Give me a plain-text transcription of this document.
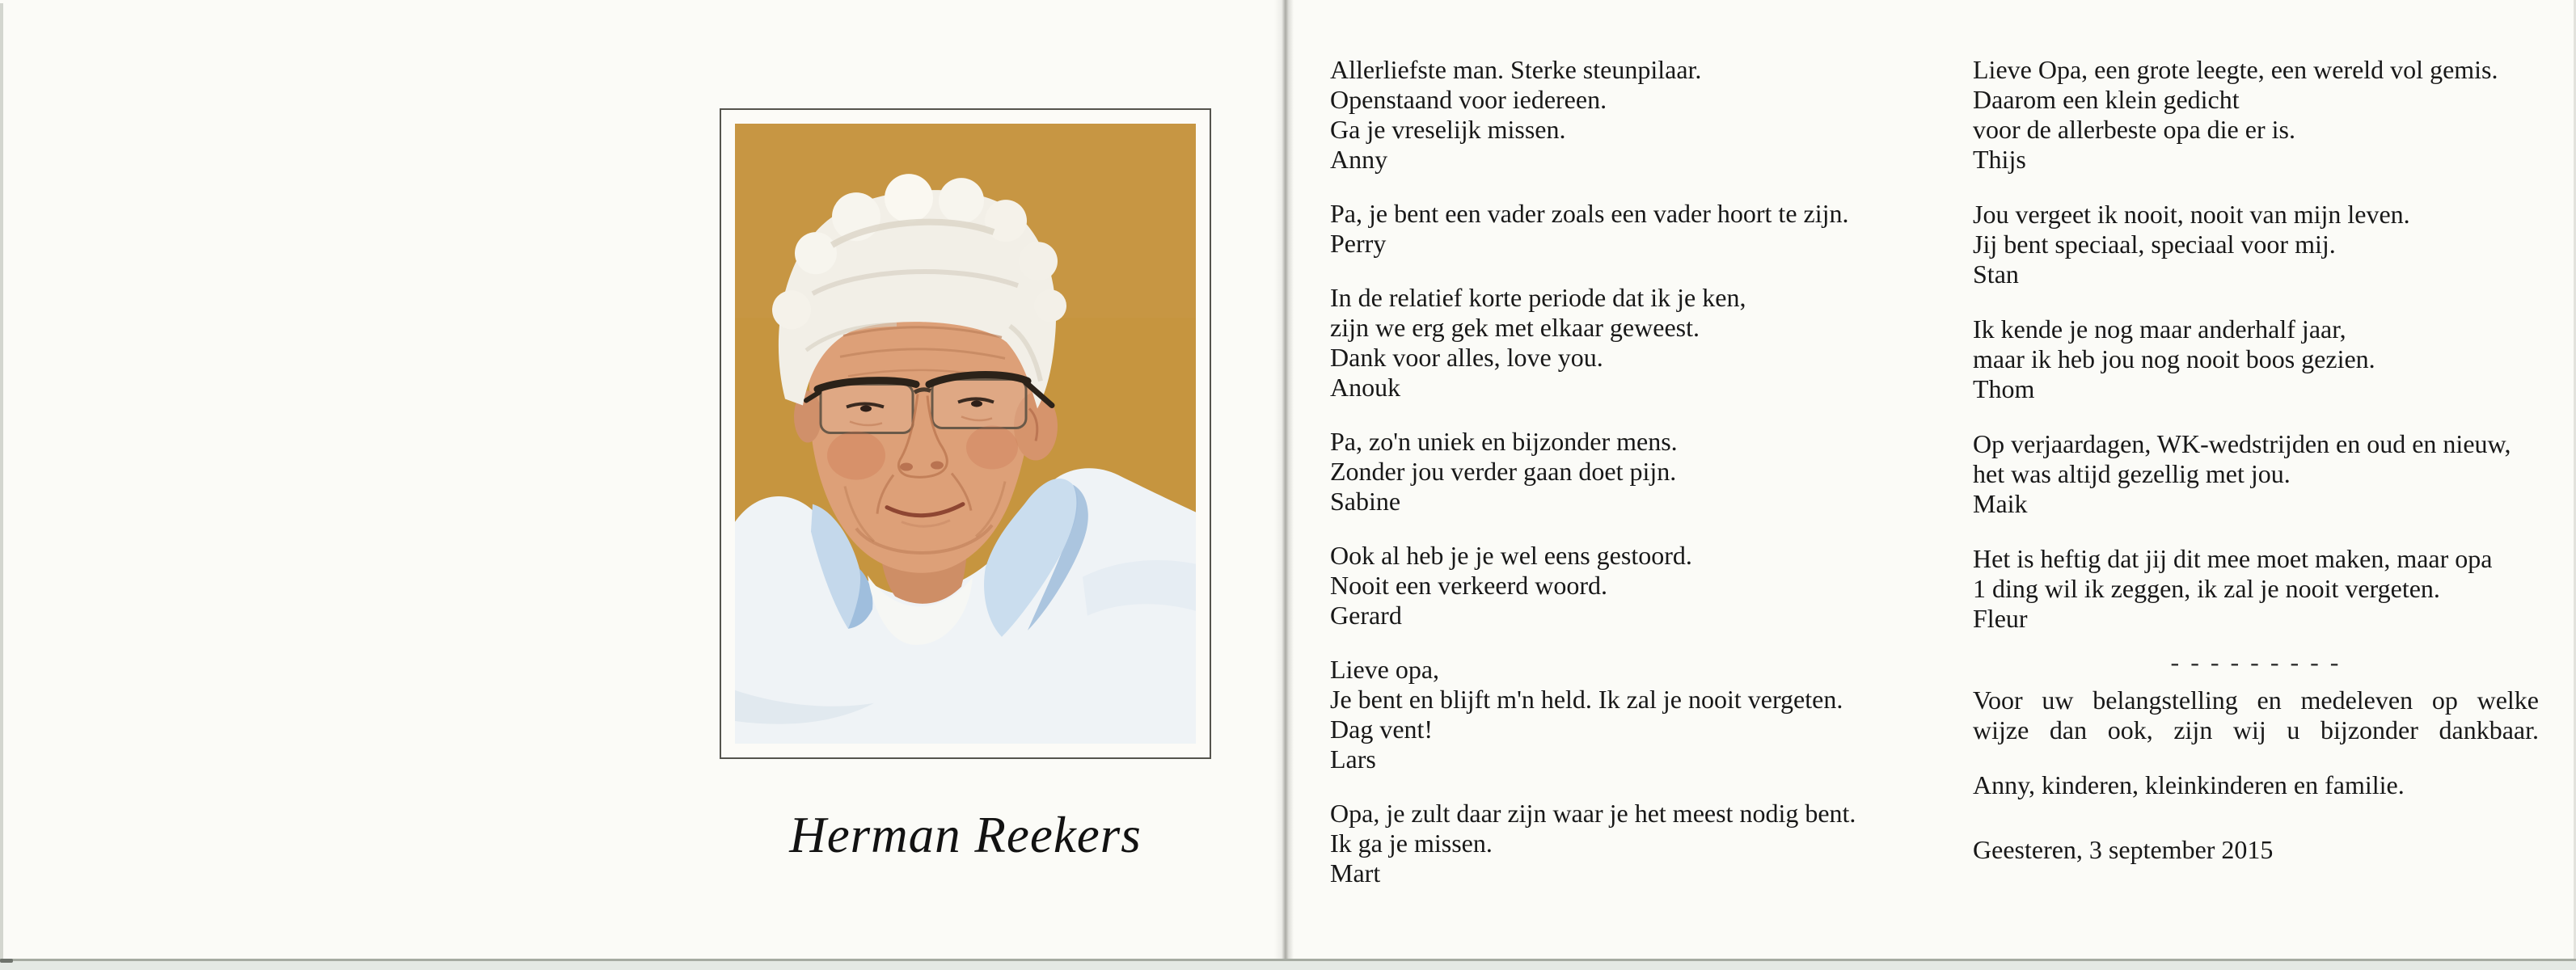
Herman Reekers
Allerliefste man. Sterke steunpilaar.
Openstaand voor iedereen.
Ga je vreselijk missen.
Anny
Pa, je bent een vader zoals een vader hoort te zijn.
Perry
In de relatief korte periode dat ik je ken,
zijn we erg gek met elkaar geweest.
Dank voor alles, love you.
Anouk
Pa, zo'n uniek en bijzonder mens.
Zonder jou verder gaan doet pijn.
Sabine
Ook al heb je je wel eens gestoord.
Nooit een verkeerd woord.
Gerard
Lieve opa,
Je bent en blijft m'n held. Ik zal je nooit vergeten.
Dag vent!
Lars
Opa, je zult daar zijn waar je het meest nodig bent.
Ik ga je missen.
Mart
Lieve Opa, een grote leegte, een wereld vol gemis.
Daarom een klein gedicht
voor de allerbeste opa die er is.
Thijs
Jou vergeet ik nooit, nooit van mijn leven.
Jij bent speciaal, speciaal voor mij.
Stan
Ik kende je nog maar anderhalf jaar,
maar ik heb jou nog nooit boos gezien.
Thom
Op verjaardagen, WK-wedstrijden en oud en nieuw,
het was altijd gezellig met jou.
Maik
Het is heftig dat jij dit mee moet maken, maar opa
1 ding wil ik zeggen, ik zal je nooit vergeten.
Fleur
- - - - - - - - -
Voor uw belangstelling en medeleven op welke
wijze dan ook, zijn wij u bijzonder dankbaar.
Anny, kinderen, kleinkinderen en familie.
Geesteren, 3 september 2015
